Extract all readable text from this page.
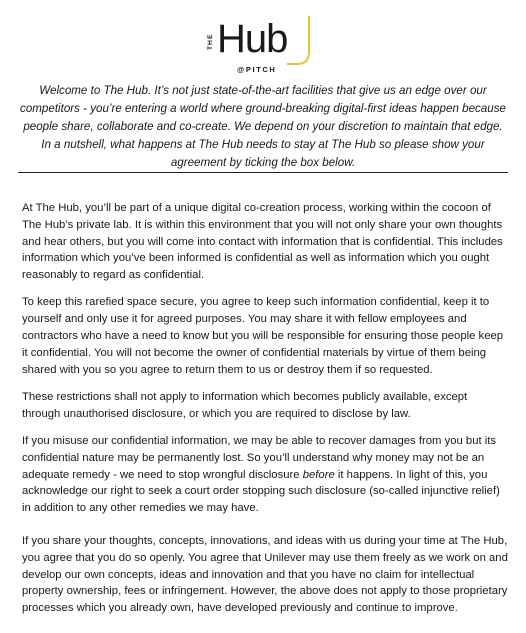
THE Hub
@PITCH

Welcome to The Hub. It’s not just state-of-the-art facilities that give us an edge over our competitors - you’re entering a world where ground-breaking digital-first ideas happen because people share, collaborate and co-create. We depend on your discretion to maintain that edge. In a nutshell, what happens at The Hub needs to stay at The Hub so please show your agreement by ticking the box below.

At The Hub, you’ll be part of a unique digital co-creation process, working within the cocoon of The Hub’s private lab. It is within this environment that you will not only share your own thoughts and hear others, but you will come into contact with information that is confidential. This includes information which you’ve been informed is confidential as well as information which you ought reasonably to regard as confidential.

To keep this rarefied space secure, you agree to keep such information confidential, keep it to yourself and only use it for agreed purposes. You may share it with fellow employees and contractors who have a need to know but you will be responsible for ensuring those people keep it confidential. You will not become the owner of confidential materials by virtue of them being shared with you so you agree to return them to us or destroy them if so requested.

These restrictions shall not apply to information which becomes publicly available, except through unauthorised disclosure, or which you are required to disclose by law.

If you misuse our confidential information, we may be able to recover damages from you but its confidential nature may be permanently lost. So you’ll understand why money may not be an adequate remedy - we need to stop wrongful disclosure before it happens. In light of this, you acknowledge our right to seek a court order stopping such disclosure (so-called injunctive relief) in addition to any other remedies we may have.

If you share your thoughts, concepts, innovations, and ideas with us during your time at The Hub, you agree that you do so openly. You agree that Unilever may use them freely as we work on and develop our own concepts, ideas and innovation and that you have no claim for intellectual property ownership, fees or infringement. However, the above does not apply to those proprietary processes which you already own, have developed previously and continue to improve.
